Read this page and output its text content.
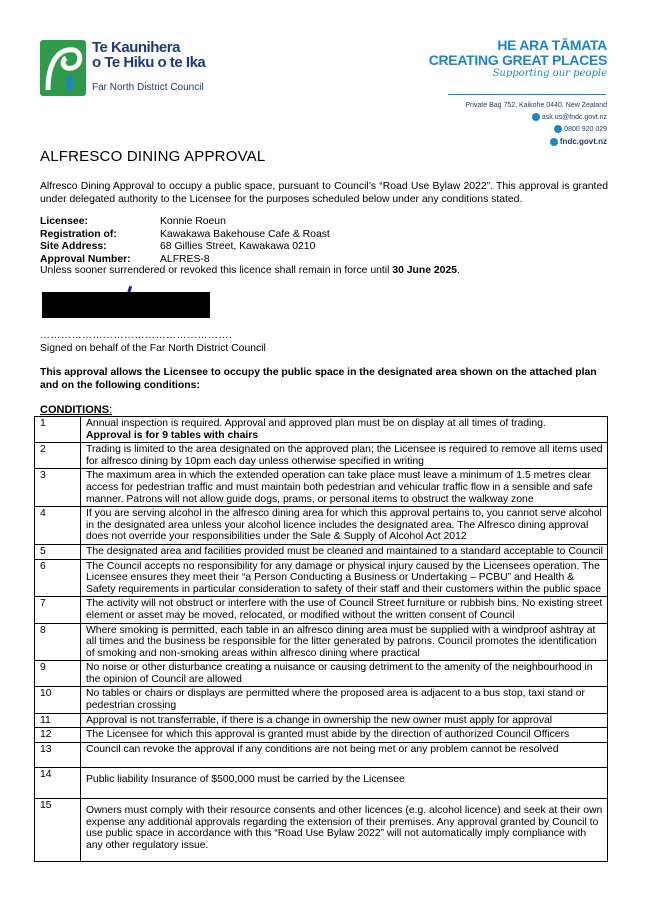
Te Kaunihera
o Te Hiku o te Ika
Far North District Council
HE ARA TĀMATA
CREATING GREAT PLACES
Supporting our people
Private Bag 752, Kaikohe 0440, New Zealand
ask.us@fndc.govt.nz
0800 920 029
fndc.govt.nz
ALFRESCO DINING APPROVAL
Alfresco Dining Approval to occupy a public space, pursuant to Council’s “Road Use Bylaw 2022”. This approval is granted under delegated authority to the Licensee for the purposes scheduled below under any conditions stated.
Licensee:	Konnie Roeun
Registration of:	Kawakawa Bakehouse Cafe & Roast
Site Address:	68 Gillies Street, Kawakawa 0210
Approval Number:	ALFRES-8
Unless sooner surrendered or revoked this licence shall remain in force until 30 June 2025.
……………………………………………….
Signed on behalf of the Far North District Council
This approval allows the Licensee to occupy the public space in the designated area shown on the attached plan and on the following conditions:
CONDITIONS:
1	Annual inspection is required. Approval and approved plan must be on display at all times of trading.
Approval is for 9 tables with chairs

2	Trading is limited to the area designated on the approved plan; the Licensee is required to remove all items used for alfresco dining by 10pm each day unless otherwise specified in writing
3	The maximum area in which the extended operation can take place must leave a minimum of 1.5 metres clear access for pedestrian traffic and must maintain both pedestrian and vehicular traffic flow in a sensible and safe manner. Patrons will not allow guide dogs, prams, or personal items to obstruct the walkway zone
4	If you are serving alcohol in the alfresco dining area for which this approval pertains to, you cannot serve alcohol in the designated area unless your alcohol licence includes the designated area. The Alfresco dining approval does not override your responsibilities under the Sale & Supply of Alcohol Act 2012
5	The designated area and facilities provided must be cleaned and maintained to a standard acceptable to Council
6	The Council accepts no responsibility for any damage or physical injury caused by the Licensees operation. The Licensee ensures they meet their “a Person Conducting a Business or Undertaking – PCBU” and Health & Safety requirements in particular consideration to safety of their staff and their customers within the public space
7	The activity will not obstruct or interfere with the use of Council Street furniture or rubbish bins. No existing street element or asset may be moved, relocated, or modified without the written consent of Council
8	Where smoking is permitted, each table in an alfresco dining area must be supplied with a windproof ashtray at all times and the business be responsible for the litter generated by patrons. Council promotes the identification of smoking and non-smoking areas within alfresco dining where practical
9	No noise or other disturbance creating a nuisance or causing detriment to the amenity of the neighbourhood in the opinion of Council are allowed
10	No tables or chairs or displays are permitted where the proposed area is adjacent to a bus stop, taxi stand or pedestrian crossing
11	Approval is not transferrable, if there is a change in ownership the new owner must apply for approval
12	The Licensee for which this approval is granted must abide by the direction of authorized Council Officers
13	Council can revoke the approval if any conditions are not being met or any problem cannot be resolved
14	Public liability Insurance of $500,000 must be carried by the Licensee
15	Owners must comply with their resource consents and other licences (e.g. alcohol licence) and seek at their own expense any additional approvals regarding the extension of their premises. Any approval granted by Council to use public space in accordance with this “Road Use Bylaw 2022” will not automatically imply compliance with any other regulatory issue.
